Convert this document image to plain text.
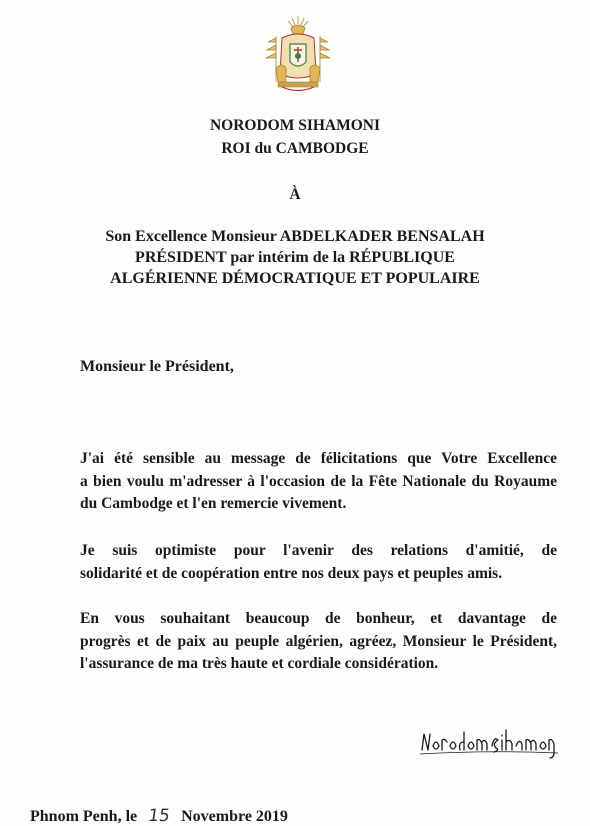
NORODOM SIHAMONI
ROI du CAMBODGE
À
Son Excellence Monsieur ABDELKADER BENSALAH
PRÉSIDENT par intérim de la RÉPUBLIQUE
ALGÉRIENNE DÉMOCRATIQUE ET POPULAIRE
Monsieur le Président,
J'ai été sensible au message de félicitations que Votre Excellence
a bien voulu m'adresser à l'occasion de la Fête Nationale du Royaume
du Cambodge et l'en remercie vivement.
Je suis optimiste pour l'avenir des relations d'amitié, de
solidarité et de coopération entre nos deux pays et peuples amis.
En vous souhaitant beaucoup de bonheur, et davantage de
progrès et de paix au peuple algérien, agréez, Monsieur le Président,
l'assurance de ma très haute et cordiale considération.
Phnom Penh, le 15 Novembre 2019
